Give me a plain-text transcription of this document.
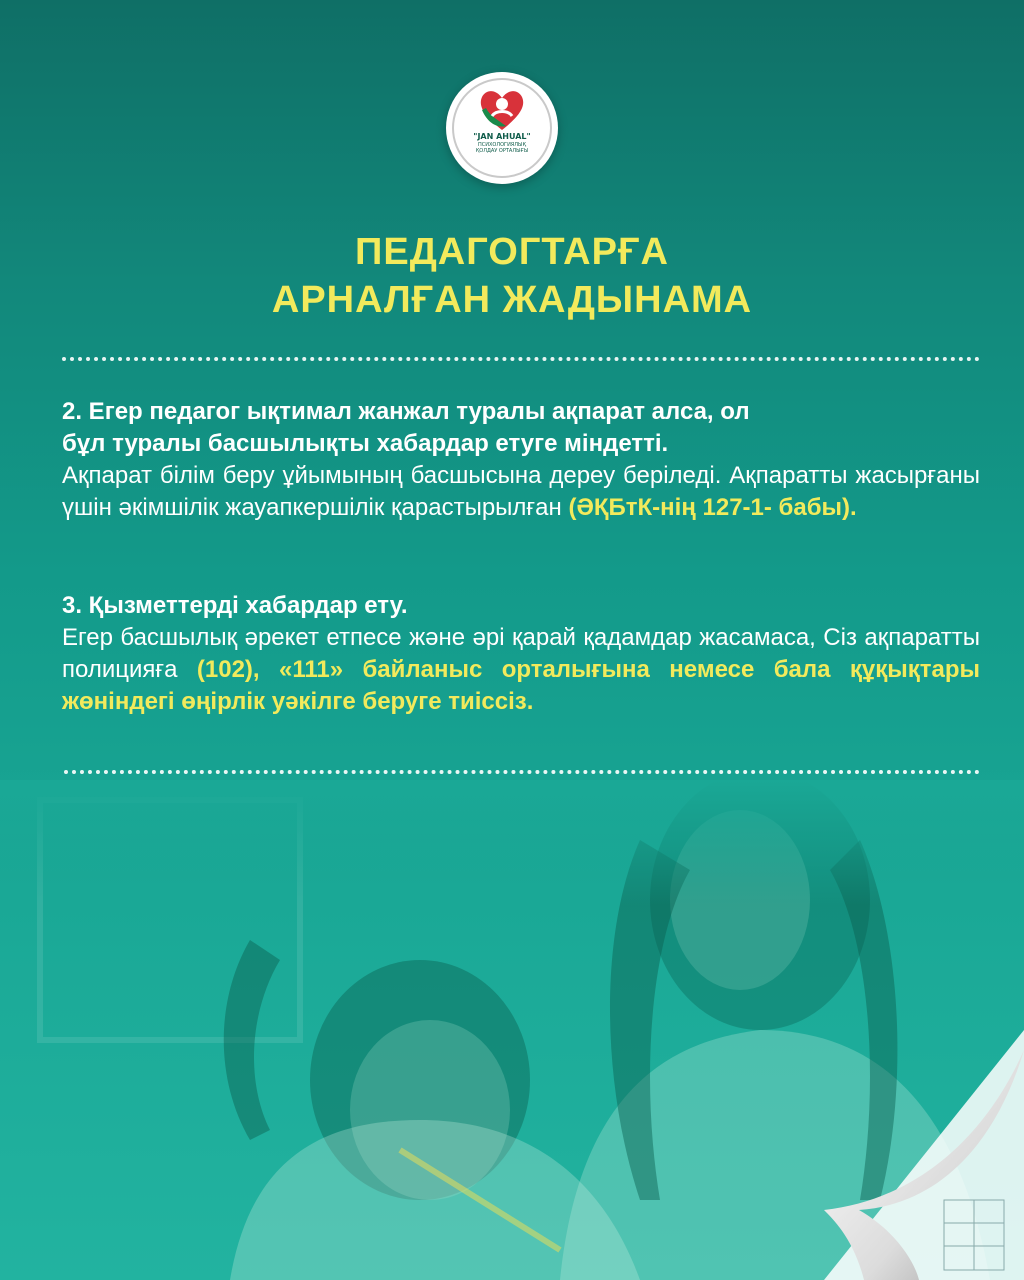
"JAN AHUAL"
ПСИХОЛОГИЯЛЫҚ ҚОЛДАУ ОРТАЛЫҒЫ
ПЕДАГОГТАРҒА
АРНАЛҒАН ЖАДЫНАМА
2. Егер педагог ықтимал жанжал туралы ақпарат алса, ол
бұл туралы басшылықты хабардар етуге міндетті.
Ақпарат білім беру ұйымының басшысына дереу беріледі. Ақпаратты жасырғаны үшін әкімшілік жауапкершілік қарастырылған (ӘҚБтК-нің 127-1- бабы).
3. Қызметтерді хабардар ету.
Егер басшылық әрекет етпесе және әрі қарай қадамдар жасамаса, Сіз ақпаратты полицияға (102), «111» байланыс орталығына немесе бала құқықтары жөніндегі өңірлік уәкілге беруге тиіссіз.
